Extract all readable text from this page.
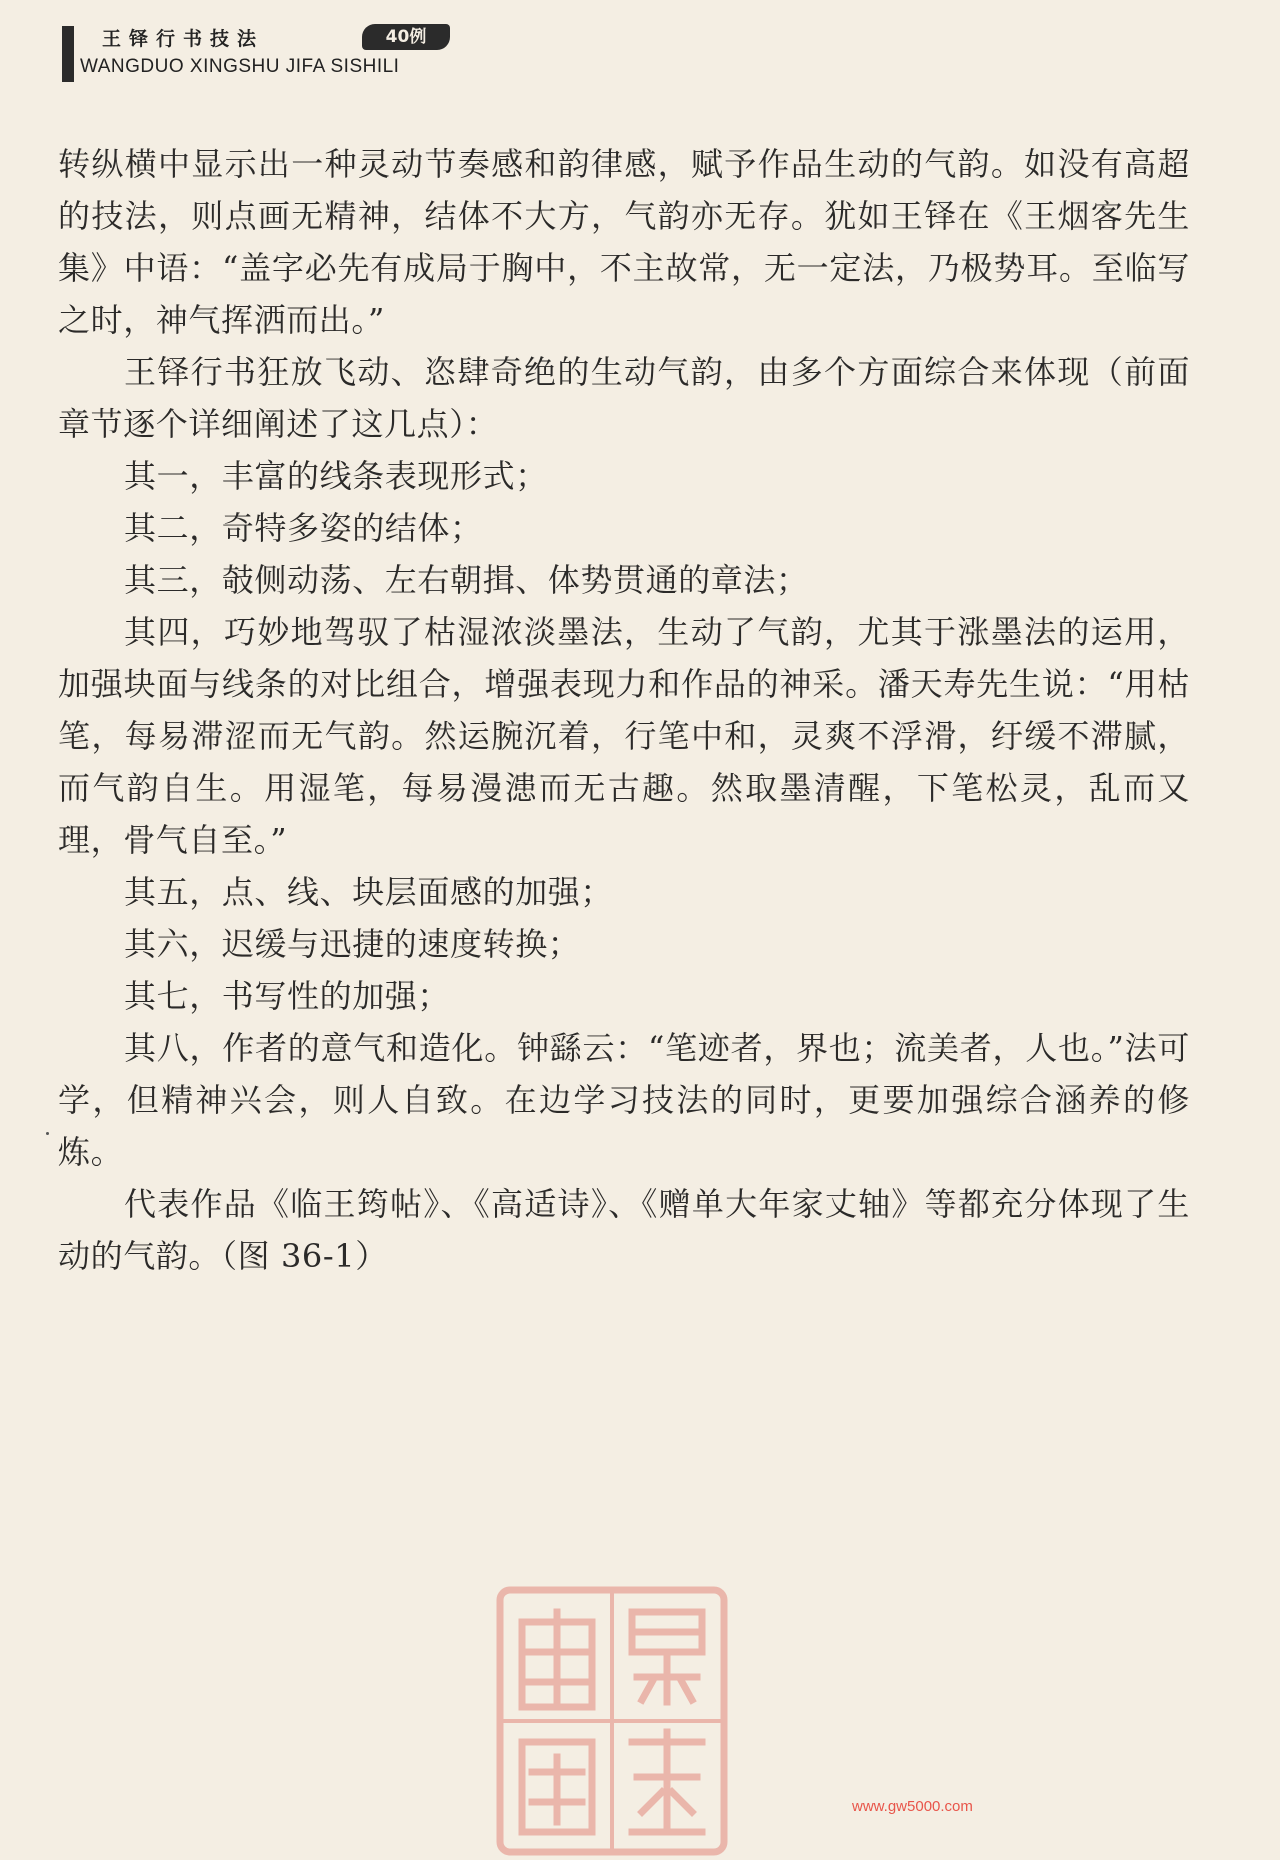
王铎行书技法	40例
WANGDUO XINGSHU JIFA SISHILI

转纵横中显示出一种灵动节奏感和韵律感，赋予作品生动的气韵。如没有高超的技法，则点画无精神，结体不大方，气韵亦无存。犹如王铎在《王烟客先生集》中语：“盖字必先有成局于胸中，不主故常，无一定法，乃极势耳。至临写之时，神气挥洒而出。”

王铎行书狂放飞动、恣肆奇绝的生动气韵，由多个方面综合来体现（前面章节逐个详细阐述了这几点）：

其一，丰富的线条表现形式；

其二，奇特多姿的结体；

其三，攲侧动荡、左右朝揖、体势贯通的章法；

其四，巧妙地驾驭了枯湿浓淡墨法，生动了气韵，尤其于涨墨法的运用，加强块面与线条的对比组合，增强表现力和作品的神采。潘天寿先生说：“用枯笔，每易滞涩而无气韵。然运腕沉着，行笔中和，灵爽不浮滑，纡缓不滞腻，而气韵自生。用湿笔，每易漫漶而无古趣。然取墨清醒，下笔松灵，乱而又理，骨气自至。”

其五，点、线、块层面感的加强；

其六，迟缓与迅捷的速度转换；

其七，书写性的加强；

其八，作者的意气和造化。钟繇云：“笔迹者，界也；流美者，人也。”法可学，但精神兴会，则人自致。在边学习技法的同时，更要加强综合涵养的修炼。

代表作品《临王筠帖》、《高适诗》、《赠单大年家丈轴》等都充分体现了生动的气韵。（图 36-1）

www.gw5000.com
